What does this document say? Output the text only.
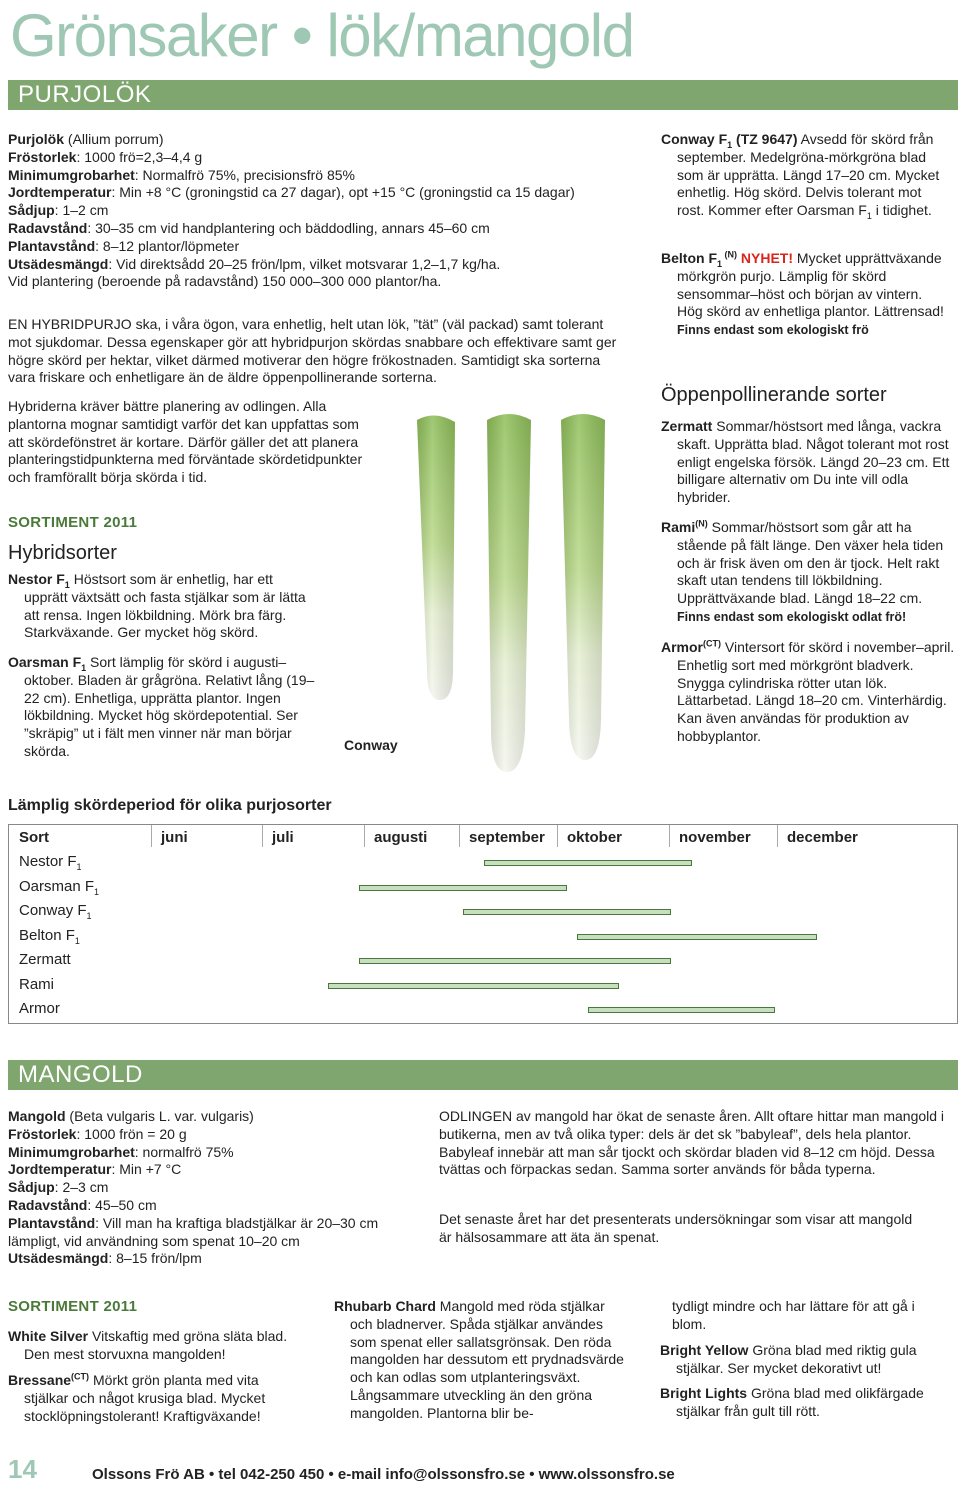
Grönsaker • lök/mangold
PURJOLÖK

Purjolök (Allium porrum)
Fröstorlek: 1000 frö=2,3–4,4 g
Minimumgrobarhet: Normalfrö 75%, precisionsfrö 85%
Jordtemperatur: Min +8 °C (groningstid ca 27 dagar), opt +15 °C (groningstid ca 15 dagar)
Sådjup: 1–2 cm
Radavstånd: 30–35 cm vid handplantering och bäddodling, annars 45–60 cm
Plantavstånd: 8–12 plantor/löpmeter
Utsädesmängd: Vid direktsådd 20–25 frön/lpm, vilket motsvarar 1,2–1,7 kg/ha.

Vid plantering (beroende på radavstånd) 150 000–300 000 plantor/ha.

EN HYBRIDPURJO ska, i våra ögon, vara enhetlig, helt utan lök, ”tät” (väl packad) samt tolerant mot sjukdomar. Dessa egenskaper gör att hybridpurjon skördas snabbare och effektivare samt ger högre skörd per hektar, vilket därmed motiverar den högre frökostnaden. Samtidigt ska sorterna vara friskare och enhetligare än de äldre öppenpollinerande sorterna.
Hybriderna kräver bättre planering av odlingen. Alla plantorna mognar samtidigt varför det kan uppfattas som att skördefönstret är kortare. Därför gäller det att planera planteringstidpunkterna med förväntade skördetidpunkter och framförallt börja skörda i tid.
SORTIMENT 2011
Hybridsorter
Nestor $F_1$ Höstsort som är enhetlig, har ett upprätt växtsätt och fasta stjälkar som är lätta att rensa. Ingen lökbildning. Mörk bra färg. Starkväxande. Ger mycket hög skörd.
Oarsman $F_1$ Sort lämplig för skörd i augusti–oktober. Bladen är grågröna. Relativt lång (19–22 cm). Enhetliga, upprätta plantor. Ingen lökbildning. Mycket hög skördepotential. Ser ”skräpig” ut i fält men vinner när man börjar skörda.	Conway
Conway $F_1$ (TZ 9647) Avsedd för skörd från september. Medelgröna-mörkgröna blad som är upprätta. Längd 17–20 cm. Mycket enhetlig. Hög skörd. Delvis tolerant mot rost. Kommer efter Oarsman $F_1$ i tidighet.
Belton $F_1$ $^{(N)}$ NYHET! Mycket upprättväxande mörkgrön purjo. Lämplig för skörd sensommar–höst och början av vintern. Hög skörd av enhetliga plantor. Lättrensad! Finns endast som ekologiskt frö
Öppenpollinerande sorter
Zermatt Sommar/höstsort med långa, vackra skaft. Upprätta blad. Något tolerant mot rost enligt engelska försök. Längd 20–23 cm. Ett billigare alternativ om Du inte vill odla hybrider.
Rami$^{(N)}$ Sommar/höstsort som går att ha stående på fält länge. Den växer hela tiden och är frisk även om den är tjock. Helt rakt skaft utan tendens till lökbildning. Upprättväxande blad. Längd 18–22 cm. Finns endast som ekologiskt odlat frö!
Armor$^{(CT)}$ Vintersort för skörd i november–april. Enhetlig sort med mörkgrönt bladverk. Snygga cylindriska rötter utan lök. Lättarbetad. Längd 18–20 cm. Vinterhärdig. Kan även användas för produktion av hobbyplantor.
Lämplig skördeperiod för olika purjosorter
Sort	juni	juli	augusti	september oktober	november december
Nestor $F_1$
Oarsman $F_1$
Conway $F_1$
Belton $F_1$
Zermatt
Rami
Armor
MANGOLD
Mangold (Beta vulgaris L. var. vulgaris)
Fröstorlek: 1000 frön = 20 g
Minimumgrobarhet: normalfrö 75%
Jordtemperatur: Min +7 °C
Sådjup: 2–3 cm
Radavstånd: 45–50 cm
Plantavstånd: Vill man ha kraftiga bladstjälkar är 20–30 cm lämpligt, vid användning som spenat 10–20 cm
Utsädesmängd: 8–15 frön/lpm
ODLINGEN av mangold har ökat de senaste åren. Allt oftare hittar man mangold i butikerna, men av två olika typer: dels är det sk ”babyleaf”, dels hela plantor. Babyleaf innebär att man sår tjockt och skördar bladen vid 8–12 cm höjd. Dessa tvättas och förpackas sedan. Samma sorter används för båda typerna.
Det senaste året har det presenterats undersökningar som visar att mangold är hälsosammare att äta än spenat.
SORTIMENT 2011
White Silver Vitskaftig med gröna släta blad. Den mest storvuxna mangolden!
Bressane$^{(CT)}$ Mörkt grön planta med vita stjälkar och något krusiga blad. Mycket stocklöpningstolerant! Kraftigväxande!
Rhubarb Chard Mangold med röda stjälkar och bladnerver. Spåda stjälkar användes som spenat eller sallatsgrönsak. Den röda mangolden har dessutom ett prydnadsvärde och kan odlas som utplanteringsväxt. Långsammare utveckling än den gröna mangolden. Plantorna blir be-
tydligt mindre och har lättare för att gå i blom.
Bright Yellow Gröna blad med riktig gula stjälkar. Ser mycket dekorativt ut!
Bright Lights Gröna blad med olikfärgade stjälkar från gult till rött.
14	Olssons Frö AB • tel 042-250 450 • e-mail info@olssonsfro.se • www.olssonsfro.se
